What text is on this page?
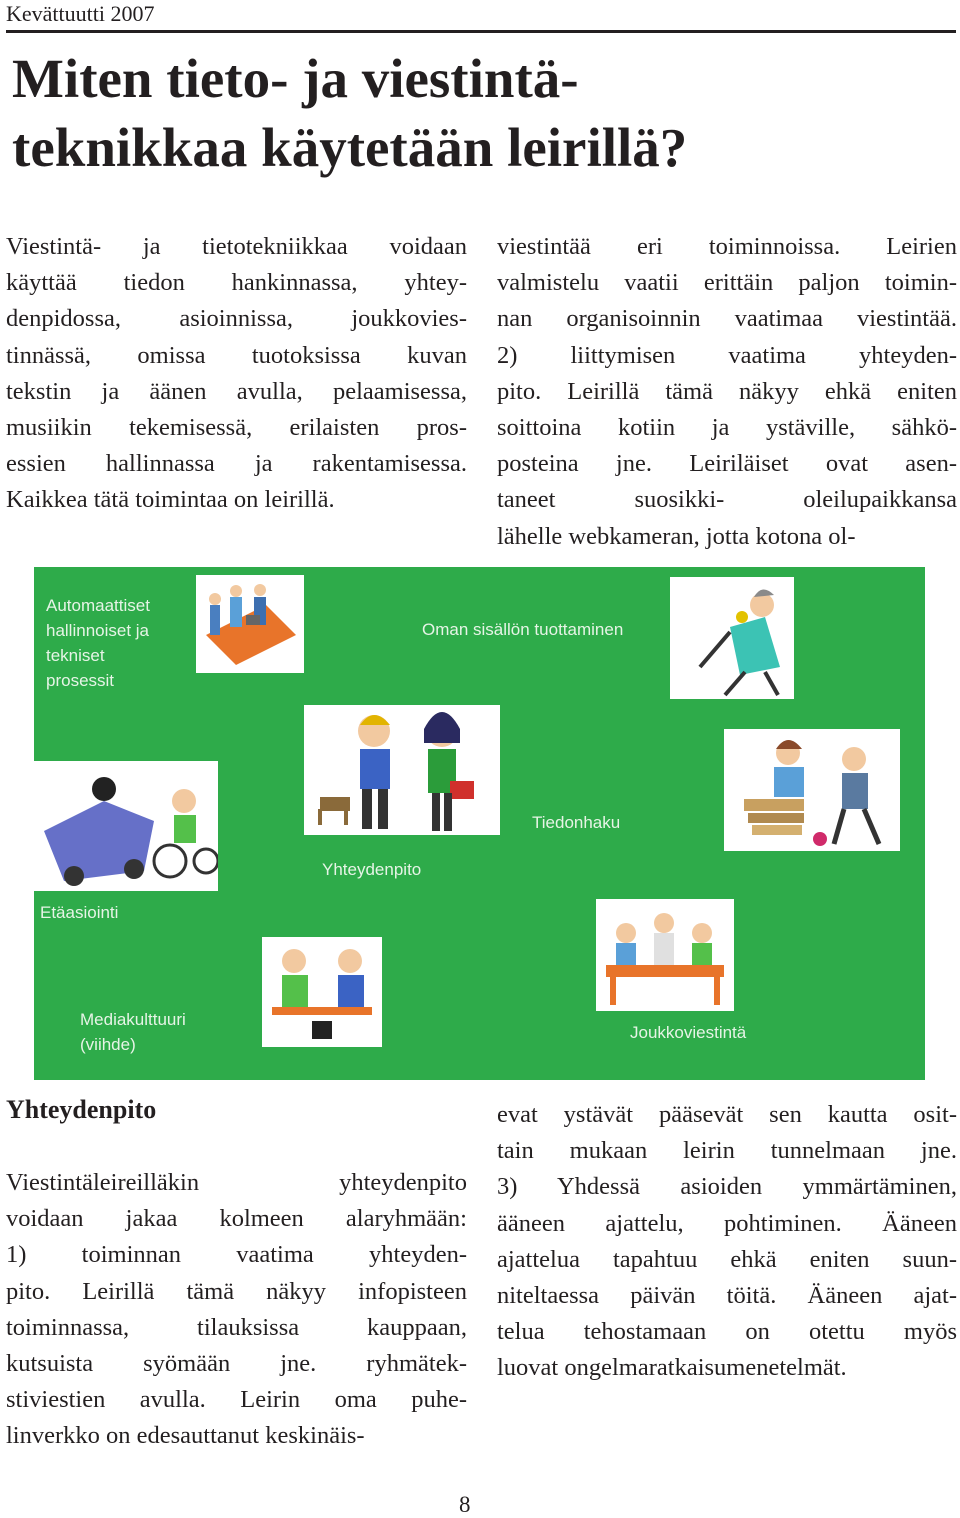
Kevättuutti 2007
Miten tieto- ja viestintä-
teknikkaa käytetään leirillä?
Viestintä- ja tietotekniikkaa voidaan
käyttää tiedon hankinnassa, yhtey-
denpidossa, asioinnissa, joukkovies-
tinnässä, omissa tuotoksissa kuvan
tekstin ja äänen avulla, pelaamisessa,
musiikin tekemisessä, erilaisten pros-
essien hallinnassa ja rakentamisessa.
Kaikkea tätä toimintaa on leirillä.
viestintää eri toiminnoissa. Leirien
valmistelu vaatii erittäin paljon toimin-
nan organisoinnin vaatimaa viestintää.
2) liittymisen vaatima yhteyden-
pito. Leirillä tämä näkyy ehkä eniten
soittoina kotiin ja ystäville, sähkö-
posteina jne. Leiriläiset ovat asen-
taneet suosikki- oleilupaikkansa
lähelle webkameran, jotta kotona ol-
Automaattiset
hallinnoiset ja
tekniset
prosessit
Oman sisällön tuottaminen
Tiedonhaku
Yhteydenpito
Etäasiointi
Mediakulttuuri
(viihde)
Joukkoviestintä
Yhteydenpito
Viestintäleireilläkin yhteydenpito
voidaan jakaa kolmeen alaryhmään:
1) toiminnan vaatima yhteyden-
pito. Leirillä tämä näkyy infopisteen
toiminnassa, tilauksissa kauppaan,
kutsuista syömään jne. ryhmätek-
stiviestien avulla. Leirin oma puhe-
linverkko on edesauttanut keskinäis-
evat ystävät pääsevät sen kautta osit-
tain mukaan leirin tunnelmaan jne.
3) Yhdessä asioiden ymmärtäminen,
ääneen ajattelu, pohtiminen. Ääneen
ajattelua tapahtuu ehkä eniten suun-
niteltaessa päivän töitä. Ääneen ajat-
telua tehostamaan on otettu myös
luovat ongelmaratkaisumenetelmät.
8
